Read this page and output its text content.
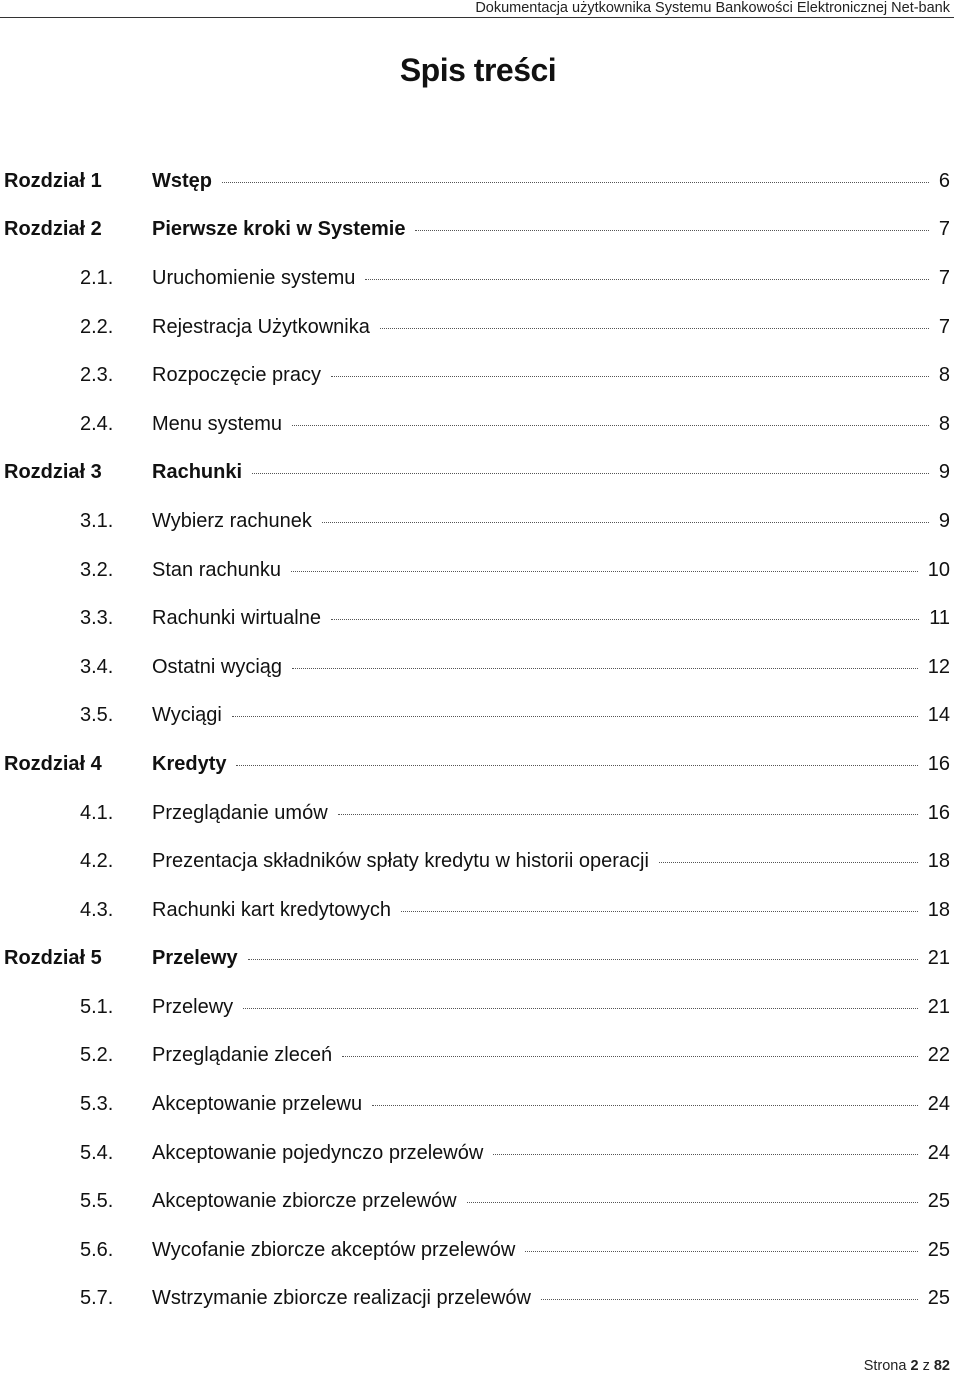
Dokumentacja użytkownika Systemu Bankowości Elektronicznej Net-bank
Spis treści
Rozdział 1	Wstęp	6
Rozdział 2	Pierwsze kroki w Systemie	7
2.1. Uruchomienie systemu	7
2.2. Rejestracja Użytkownika	7
2.3. Rozpoczęcie pracy	8
2.4. Menu systemu	8
Rozdział 3	Rachunki	9
3.1. Wybierz rachunek	9
3.2. Stan rachunku	10
3.3. Rachunki wirtualne	11
3.4. Ostatni wyciąg	12
3.5. Wyciągi	14
Rozdział 4	Kredyty	16
4.1. Przeglądanie umów	16
4.2. Prezentacja składników spłaty kredytu w historii operacji	18
4.3. Rachunki kart kredytowych	18
Rozdział 5	Przelewy	21
5.1. Przelewy	21
5.2. Przeglądanie zleceń	22
5.3. Akceptowanie przelewu	24
5.4. Akceptowanie pojedynczo przelewów	24
5.5. Akceptowanie zbiorcze przelewów	25
5.6. Wycofanie zbiorcze akceptów przelewów	25
5.7. Wstrzymanie zbiorcze realizacji przelewów	25
Strona 2 z 82
